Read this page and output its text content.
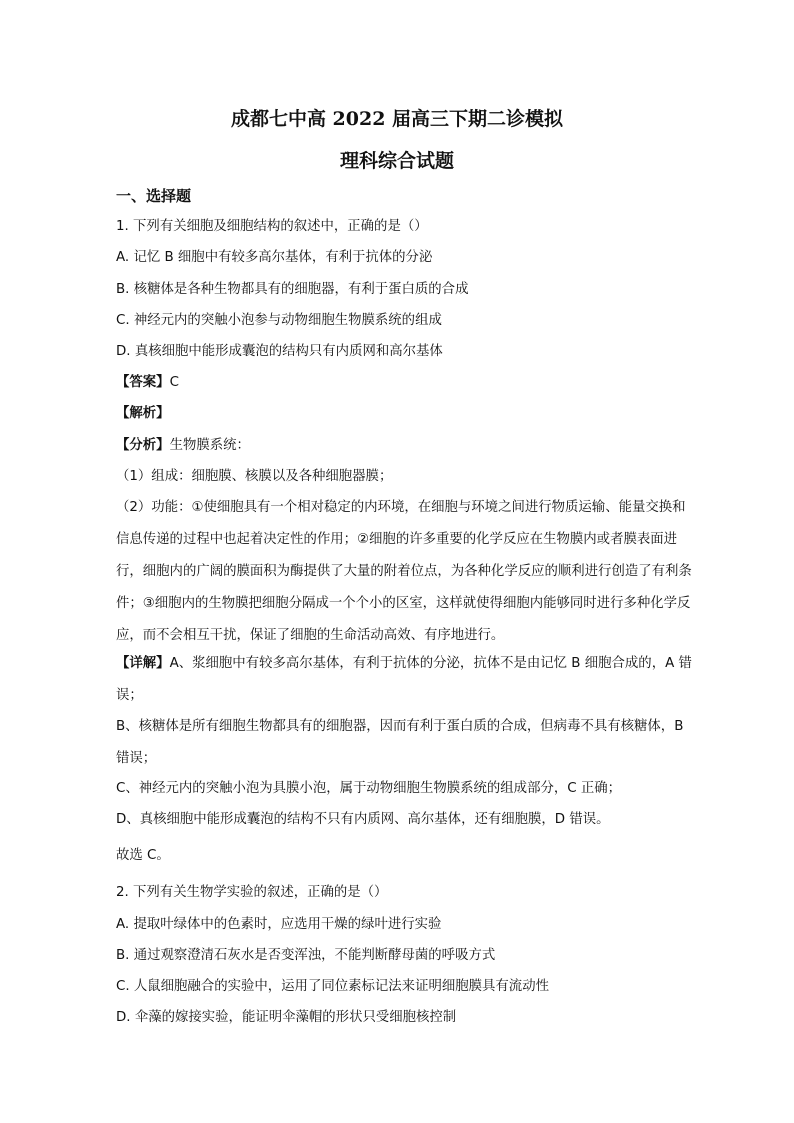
成都七中高 2022 届高三下期二诊模拟
理科综合试题
一、选择题
1. 下列有关细胞及细胞结构的叙述中，正确的是（）
A. 记忆 B 细胞中有较多高尔基体，有利于抗体的分泌
B. 核糖体是各种生物都具有的细胞器，有利于蛋白质的合成
C. 神经元内的突触小泡参与动物细胞生物膜系统的组成
D. 真核细胞中能形成囊泡的结构只有内质网和高尔基体
【答案】C
【解析】
【分析】生物膜系统：
（1）组成：细胞膜、核膜以及各种细胞器膜；
（2）功能：①使细胞具有一个相对稳定的内环境，在细胞与环境之间进行物质运输、能量交换和信息传递的过程中也起着决定性的作用；②细胞的许多重要的化学反应在生物膜内或者膜表面进行，细胞内的广阔的膜面积为酶提供了大量的附着位点，为各种化学反应的顺利进行创造了有利条件；③细胞内的生物膜把细胞分隔成一个个小的区室，这样就使得细胞内能够同时进行多种化学反应，而不会相互干扰，保证了细胞的生命活动高效、有序地进行。
【详解】A、浆细胞中有较多高尔基体，有利于抗体的分泌，抗体不是由记忆 B 细胞合成的，A 错误；
B、核糖体是所有细胞生物都具有的细胞器，因而有利于蛋白质的合成，但病毒不具有核糖体，B 错误；
C、神经元内的突触小泡为具膜小泡，属于动物细胞生物膜系统的组成部分，C 正确；
D、真核细胞中能形成囊泡的结构不只有内质网、高尔基体，还有细胞膜，D 错误。
故选 C。
2. 下列有关生物学实验的叙述，正确的是（）
A. 提取叶绿体中的色素时，应选用干燥的绿叶进行实验
B. 通过观察澄清石灰水是否变浑浊，不能判断酵母菌的呼吸方式
C. 人鼠细胞融合的实验中，运用了同位素标记法来证明细胞膜具有流动性
D. 伞藻的嫁接实验，能证明伞藻帽的形状只受细胞核控制
